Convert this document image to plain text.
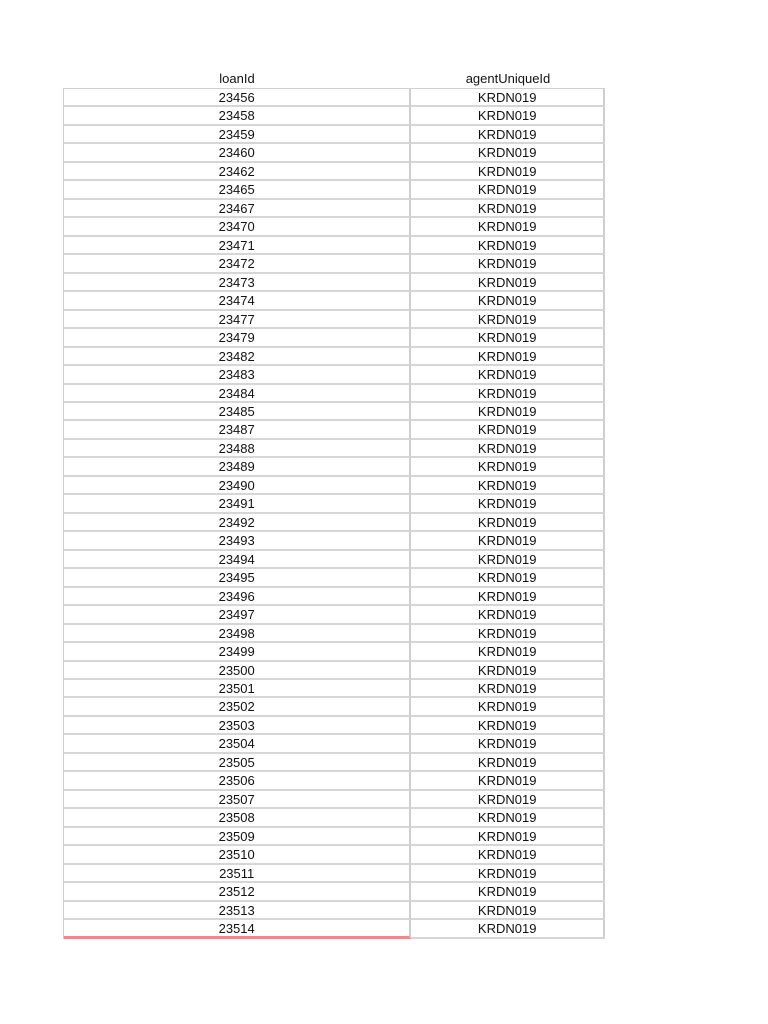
loanId	agentUniqueId
23456	KRDN019
23458	KRDN019
23459	KRDN019
23460	KRDN019
23462	KRDN019
23465	KRDN019
23467	KRDN019
23470	KRDN019
23471	KRDN019
23472	KRDN019
23473	KRDN019
23474	KRDN019
23477	KRDN019
23479	KRDN019
23482	KRDN019
23483	KRDN019
23484	KRDN019
23485	KRDN019
23487	KRDN019
23488	KRDN019
23489	KRDN019
23490	KRDN019
23491	KRDN019
23492	KRDN019
23493	KRDN019
23494	KRDN019
23495	KRDN019
23496	KRDN019
23497	KRDN019
23498	KRDN019
23499	KRDN019
23500	KRDN019
23501	KRDN019
23502	KRDN019
23503	KRDN019
23504	KRDN019
23505	KRDN019
23506	KRDN019
23507	KRDN019
23508	KRDN019
23509	KRDN019
23510	KRDN019
23511	KRDN019
23512	KRDN019
23513	KRDN019
23514	KRDN019
